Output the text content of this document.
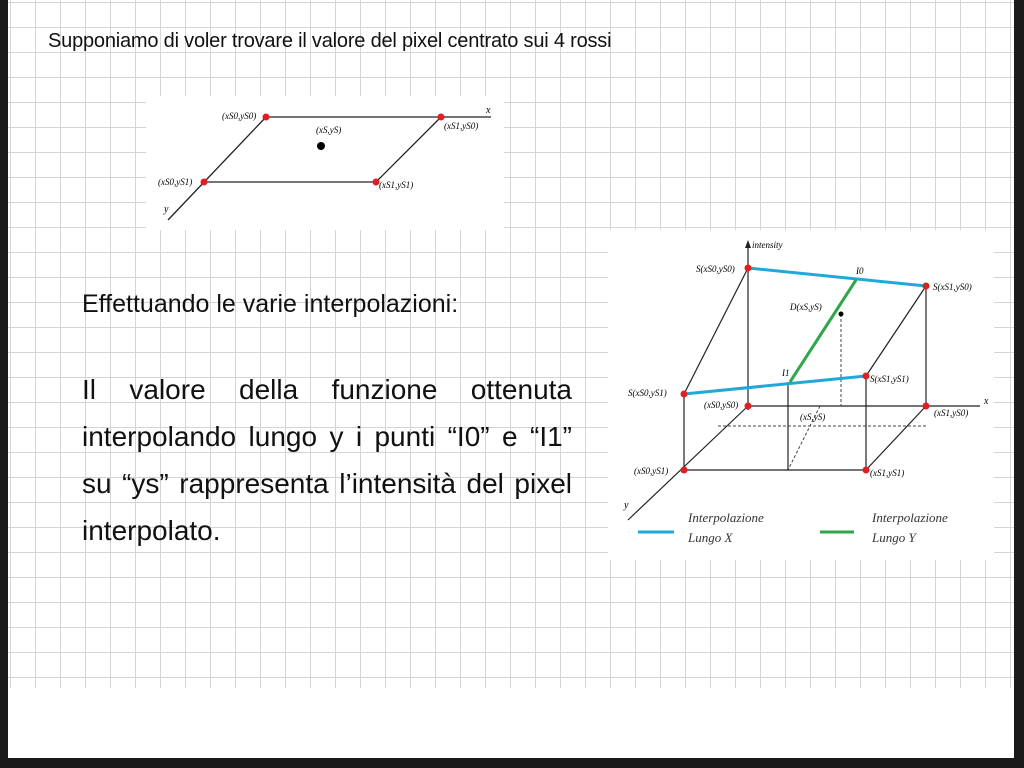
Supponiamo di voler trovare il valore del pixel centrato sui 4 rossi
x
y
(xS0,yS0)
(xS1,yS0)
(xS,yS)
(xS0,yS1)	(xS1,yS1)
intensity
x
y
S(xS0,yS0)
S(xS1,yS0)
I0
D(xS,yS)
I1
S(xS0,yS1)
S(xS1,yS1)
(xS0,yS0)
(xS,yS)	(xS1,yS0)
(xS0,yS1)	(xS1,yS1)
Interpolazione
Lungo X
Interpolazione
Lungo Y
Effettuando le varie interpolazioni:

Il valore della funzione ottenuta interpolando lungo y i punti “I0” e “I1” su “ys” rappresenta l’intensità del pixel interpolato.
